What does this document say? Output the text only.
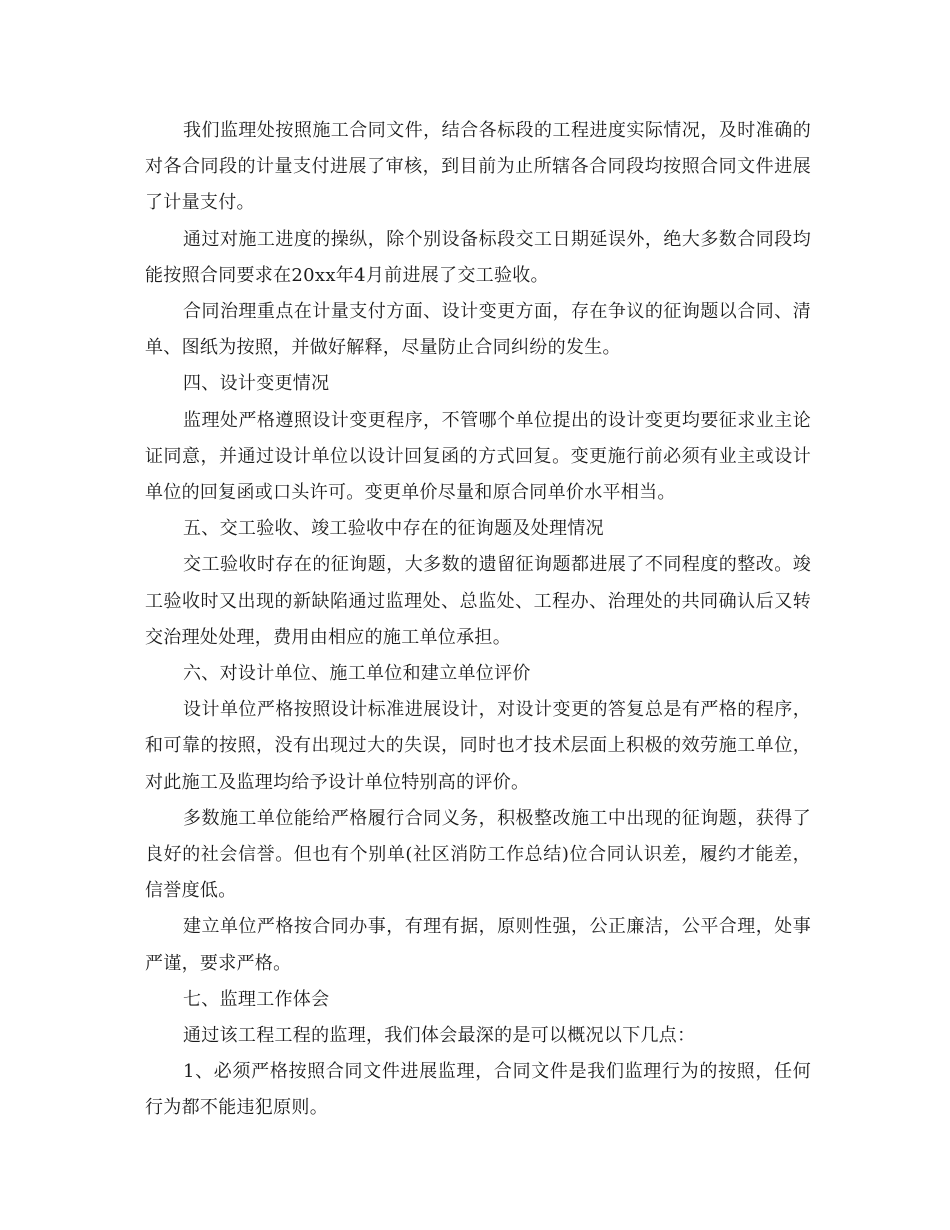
我们监理处按照施工合同文件，结合各标段的工程进度实际情况，及时准确的对各合同段的计量支付进展了审核，到目前为止所辖各合同段均按照合同文件进展了计量支付。

通过对施工进度的操纵，除个别设备标段交工日期延误外，绝大多数合同段均能按照合同要求在20xx年4月前进展了交工验收。

合同治理重点在计量支付方面、设计变更方面，存在争议的征询题以合同、清单、图纸为按照，并做好解释，尽量防止合同纠纷的发生。

四、设计变更情况

监理处严格遵照设计变更程序，不管哪个单位提出的设计变更均要征求业主论证同意，并通过设计单位以设计回复函的方式回复。变更施行前必须有业主或设计单位的回复函或口头许可。变更单价尽量和原合同单价水平相当。

五、交工验收、竣工验收中存在的征询题及处理情况

交工验收时存在的征询题，大多数的遗留征询题都进展了不同程度的整改。竣工验收时又出现的新缺陷通过监理处、总监处、工程办、治理处的共同确认后又转交治理处处理，费用由相应的施工单位承担。

六、对设计单位、施工单位和建立单位评价

设计单位严格按照设计标准进展设计，对设计变更的答复总是有严格的程序，和可靠的按照，没有出现过大的失误，同时也才技术层面上积极的效劳施工单位，对此施工及监理均给予设计单位特别高的评价。

多数施工单位能给严格履行合同义务，积极整改施工中出现的征询题，获得了良好的社会信誉。但也有个别单(社区消防工作总结)位合同认识差，履约才能差，信誉度低。

建立单位严格按合同办事，有理有据，原则性强，公正廉洁，公平合理，处事严谨，要求严格。

七、监理工作体会

通过该工程工程的监理，我们体会最深的是可以概况以下几点：

1、必须严格按照合同文件进展监理，合同文件是我们监理行为的按照，任何行为都不能违犯原则。
